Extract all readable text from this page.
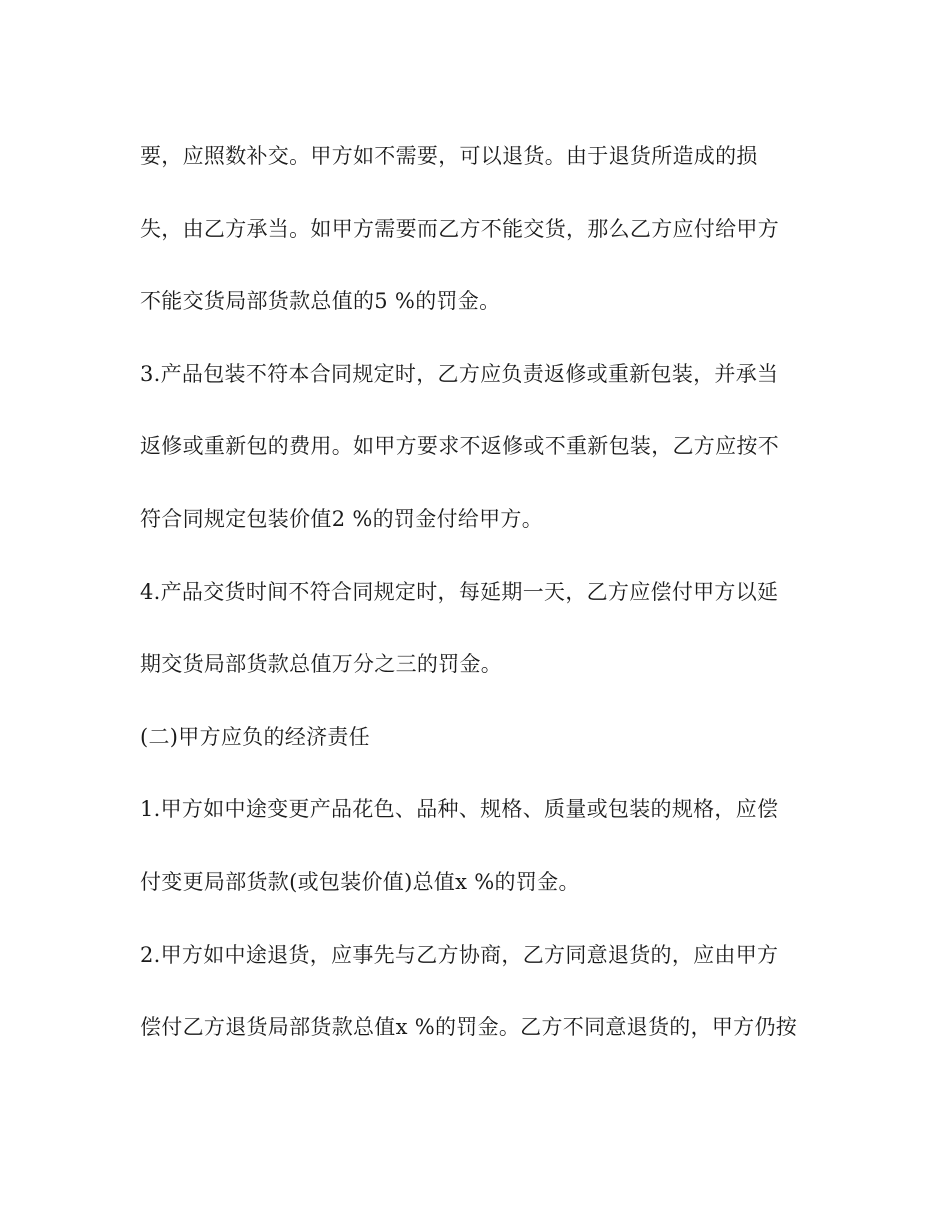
要，应照数补交。甲方如不需要，可以退货。由于退货所造成的损
失，由乙方承当。如甲方需要而乙方不能交货，那么乙方应付给甲方
不能交货局部货款总值的5 %的罚金。
3.产品包装不符本合同规定时，乙方应负责返修或重新包装，并承当
返修或重新包的费用。如甲方要求不返修或不重新包装，乙方应按不
符合同规定包装价值2 %的罚金付给甲方。
4.产品交货时间不符合同规定时，每延期一天，乙方应偿付甲方以延
期交货局部货款总值万分之三的罚金。
(二)甲方应负的经济责任
1.甲方如中途变更产品花色、品种、规格、质量或包装的规格，应偿
付变更局部货款(或包装价值)总值x %的罚金。
2.甲方如中途退货，应事先与乙方协商，乙方同意退货的，应由甲方
偿付乙方退货局部货款总值x %的罚金。乙方不同意退货的，甲方仍按
